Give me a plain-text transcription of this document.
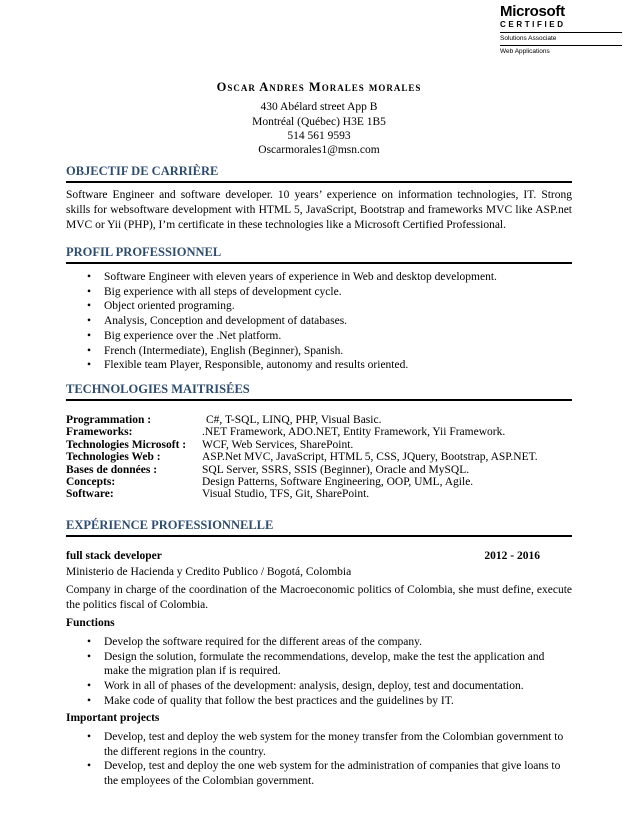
Microsoft
CERTIFIED
Solutions Associate
Web Applications
Oscar Andres Morales morales
430 Abélard street App B
Montréal (Québec) H3E 1B5
514 561 9593
Oscarmorales1@msn.com
OBJECTIF DE CARRIÈRE
Software Engineer and software developer. 10 years’ experience on information technologies, IT. Strong skills for websoftware development with HTML 5, JavaScript, Bootstrap and frameworks MVC like ASP.net MVC or Yii (PHP), I’m certificate in these technologies like a Microsoft Certified Professional.
PROFIL PROFESSIONNEL
• Software Engineer with eleven years of experience in Web and desktop development.
• Big experience with all steps of development cycle.
• Object oriented programing.
• Analysis, Conception and development of databases.
• Big experience over the .Net platform.
• French (Intermediate), English (Beginner), Spanish.
• Flexible team Player, Responsible, autonomy and results oriented.
TECHNOLOGIES MAITRISÉES
Programmation :	C#, T-SQL, LINQ, PHP, Visual Basic.
Frameworks:	.NET Framework, ADO.NET, Entity Framework, Yii Framework.
Technologies Microsoft :	WCF, Web Services, SharePoint.
Technologies Web :	ASP.Net MVC, JavaScript, HTML 5, CSS, JQuery, Bootstrap, ASP.NET.
Bases de données :	SQL Server, SSRS, SSIS (Beginner), Oracle and MySQL.
Concepts:	Design Patterns, Software Engineering, OOP, UML, Agile.
Software:	Visual Studio, TFS, Git, SharePoint.
EXPÉRIENCE PROFESSIONNELLE
full stack developer	2012 - 2016
Ministerio de Hacienda y Credito Publico / Bogotá, Colombia
Company in charge of the coordination of the Macroeconomic politics of Colombia, she must define, execute the politics fiscal of Colombia.
Functions
• Develop the software required for the different areas of the company.
• Design the solution, formulate the recommendations, develop, make the test the application and make the migration plan if is required.
• Work in all of phases of the development: analysis, design, deploy, test and documentation.
• Make code of quality that follow the best practices and the guidelines by IT.
Important projects
• Develop, test and deploy the web system for the money transfer from the Colombian government to the different regions in the country.
• Develop, test and deploy the one web system for the administration of companies that give loans to the employees of the Colombian government.
